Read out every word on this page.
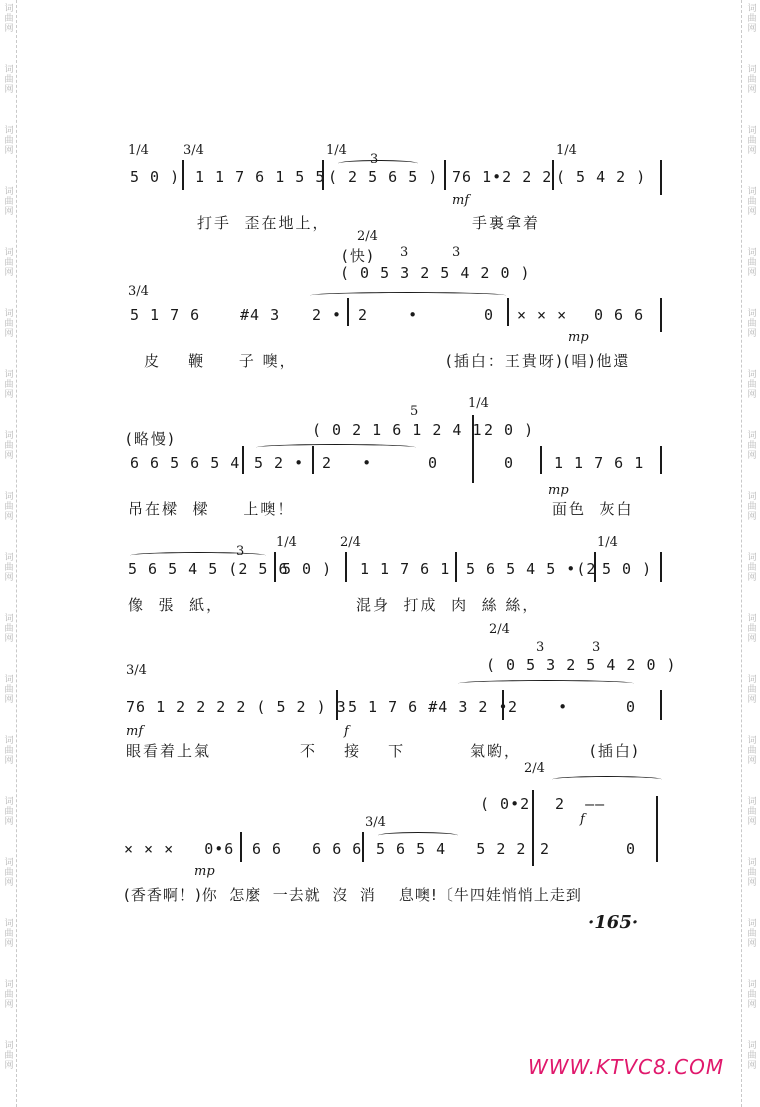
词
曲
网
词
曲
网
词
曲
网
词
曲
网
词
曲
网
词
曲
网
词
曲
网
词
曲
网
词
曲
网
词
曲
网
词
曲
网
词
曲
网
词
曲
网
词
曲
网
词
曲
网
词
曲
网
词
曲
网
词
曲
网
词
曲
网
词
曲
网
词
曲
网
词
曲
网
词
曲
网
词
曲
网
词
曲
网
词
曲
网
词
曲
网
词
曲
网
词
曲
网
词
曲
网
词
曲
网
词
曲
网
词
曲
网
词
曲
网
词
曲
网
词
曲
网
1/4	3/4	1/4	1/4
3
5 0 ) 1 1 7 6 1 5 5 ( 2 5 6 5 ) 76 1•2 2 2 ( 5 4 2 )
mf
打手  歪在地上，	手裏拿着
2/4
(快) 3	3
( 0 5 3 2 5 4 2 0 )
3/4
5 1 7 6	#4 3 2 • 2    •	0 × × × 0 6 6
mp
皮    鞭     子 噢，	(插白：王貴呀)(唱)他還
1/4
5
( 0 2 1 6 1 2 4 1 2 0 )
(略慢)
6 6 5 6 5 4 5 2 • 2   •	0	0	1 1 7 6 1
mp
吊在樑  樑     上噢！	面色  灰白
1/4	2/4	1/4
3
5 6 5 4 5 (2 5 6
5 0 ) 1 1 7 6 1 5 6 5 4 5 •(2 5 0 )
像  張  紙，	混身  打成  肉  絲 絲，
2/4
3	3
( 0 5 3 2 5 4 2 0 )
3/4
76 1 2 2 2 2 ( 5 2 ) 3 5 1 7 6 #4 3 2 • 2    •	0
mf	f
眼看着上氣	不    接    下	氣喲，	(插白)
2/4
( 0•2 2  ——
f
3/4
× × ×   0•6 6 6   6 6 6 5 6 5 4   5 2 2 2	0
mp
(香香啊！)你  怎麼  一去就  沒  消    息噢!〔牛四娃悄悄上走到
·165·
WWW.KTVC8.COM
